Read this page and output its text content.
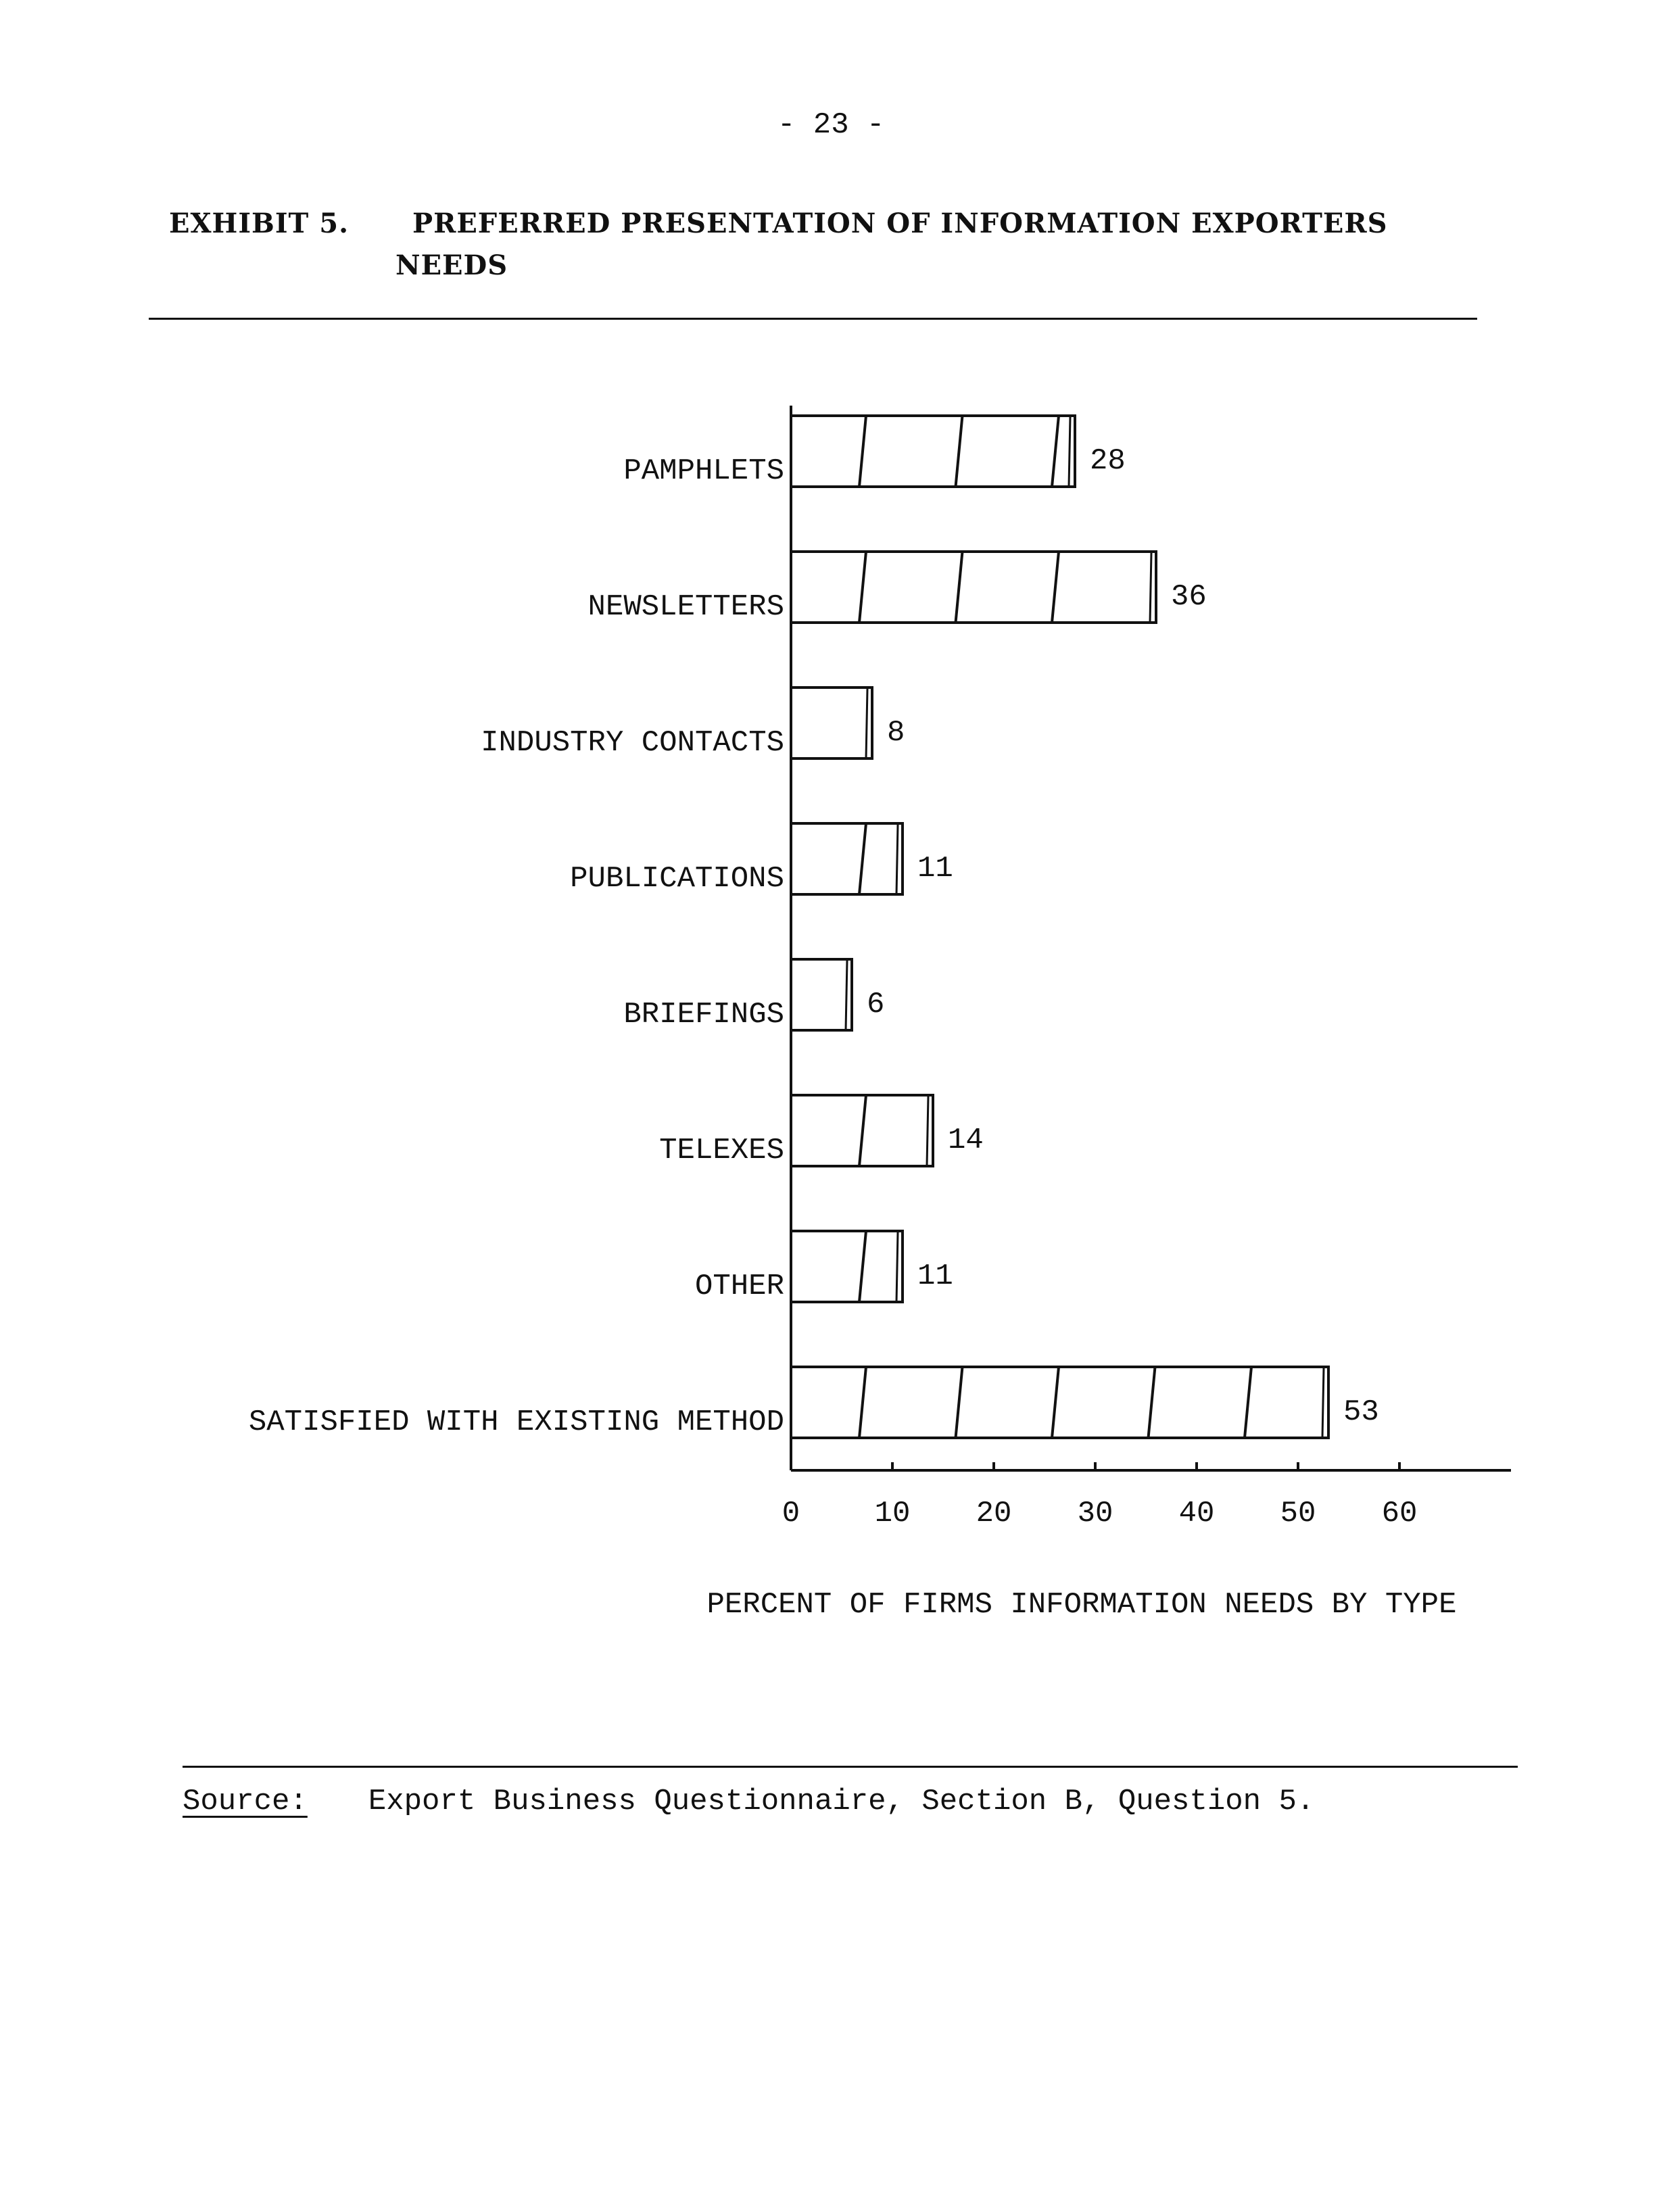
- 23 -
EXHIBIT 5. PREFERRED PRESENTATION OF INFORMATION EXPORTERS
NEEDS
0	10 20 30 40 50 60
PERCENT OF FIRMS INFORMATION NEEDS BY TYPE
PAMPHLETS	28
NEWSLETTERS	36
INDUSTRY CONTACTS	8
PUBLICATIONS	11
BRIEFINGS	6
TELEXES	14
OTHER	11
SATISFIED WITH EXISTING METHOD	53
Source: Export Business Questionnaire, Section B, Question 5.
